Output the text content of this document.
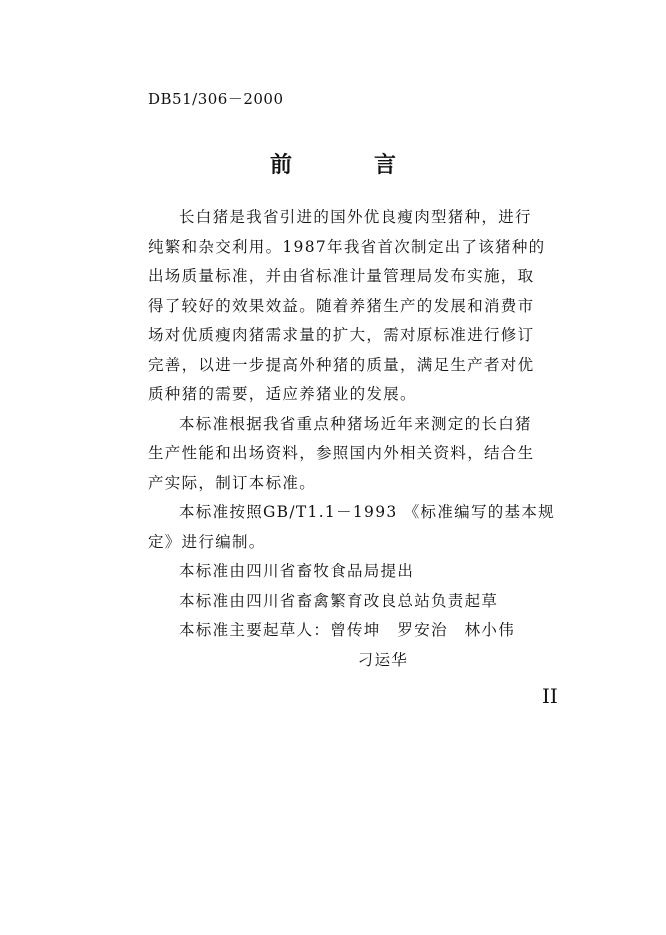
DB51/306－2000
前　言

长白猪是我省引进的国外优良瘦肉型猪种，进行
纯繁和杂交利用。1987年我省首次制定出了该猪种的
出场质量标准，并由省标准计量管理局发布实施，取
得了较好的效果效益。随着养猪生产的发展和消费市
场对优质瘦肉猪需求量的扩大，需对原标准进行修订
完善，以进一步提高外种猪的质量，满足生产者对优
质种猪的需要，适应养猪业的发展。

本标准根据我省重点种猪场近年来测定的长白猪
生产性能和出场资料，参照国内外相关资料，结合生
产实际，制订本标准。

本标准按照GB/T1.1－1993 《标准编写的基本规
定》进行编制。

本标准由四川省畜牧食品局提出

本标准由四川省畜禽繁育改良总站负责起草

本标准主要起草人：曾传坤　罗安治　林小伟

刁运华

II
